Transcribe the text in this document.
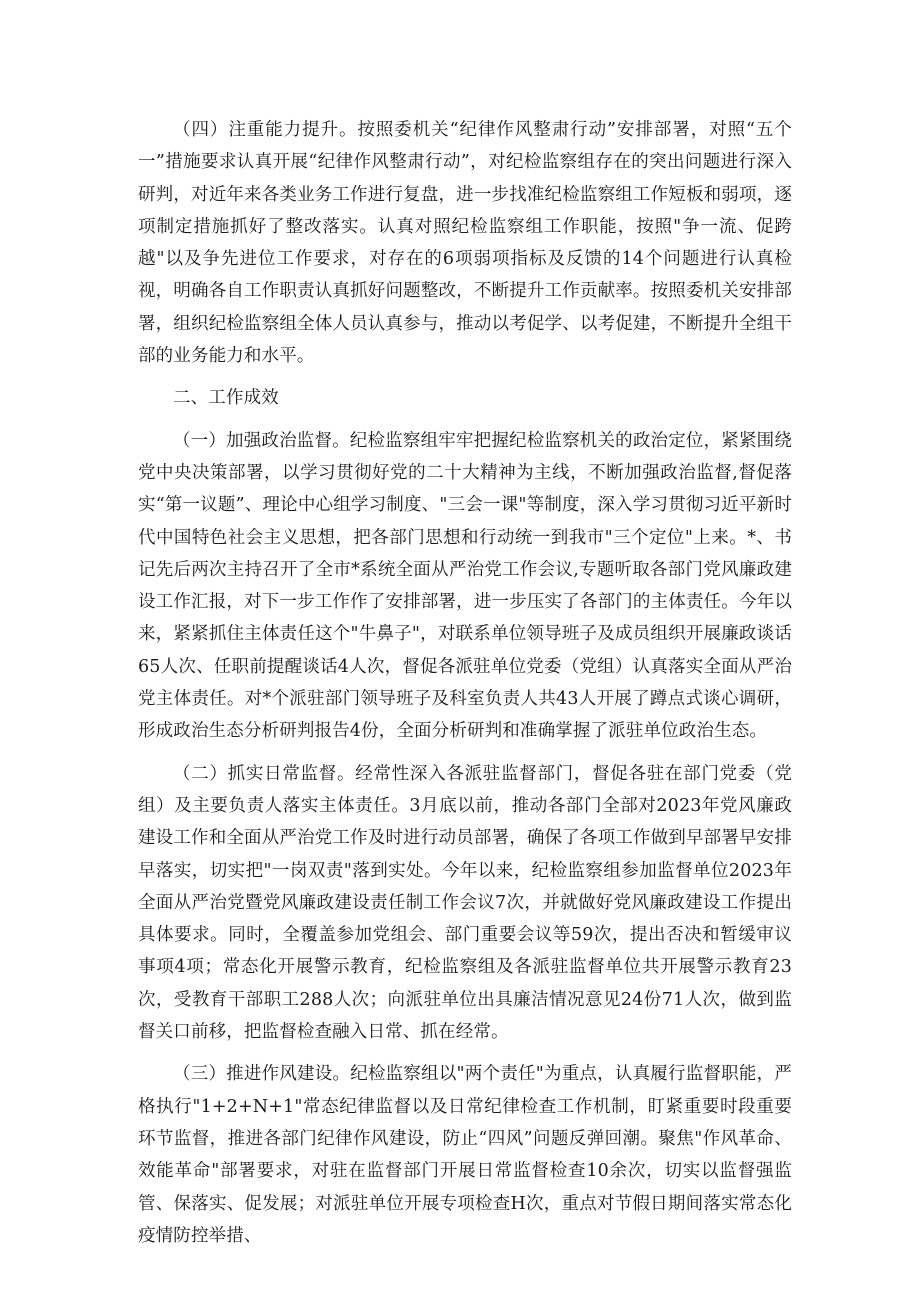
（四）注重能力提升。按照委机关“纪律作风整肃行动”安排部署，对照“五个一”措施要求认真开展“纪律作风整肃行动”，对纪检监察组存在的突出问题进行深入研判，对近年来各类业务工作进行复盘，进一步找准纪检监察组工作短板和弱项，逐项制定措施抓好了整改落实。认真对照纪检监察组工作职能，按照"争一流、促跨越"以及争先进位工作要求，对存在的6项弱项指标及反馈的14个问题进行认真检视，明确各自工作职责认真抓好问题整改，不断提升工作贡献率。按照委机关安排部署，组织纪检监察组全体人员认真参与，推动以考促学、以考促建，不断提升全组干部的业务能力和水平。

二、工作成效

（一）加强政治监督。纪检监察组牢牢把握纪检监察机关的政治定位，紧紧围绕党中央决策部署，以学习贯彻好党的二十大精神为主线，不断加强政治监督,督促落实“第一议题”、理论中心组学习制度、"三会一课"等制度，深入学习贯彻习近平新时代中国特色社会主义思想，把各部门思想和行动统一到我市"三个定位"上来。*、书记先后两次主持召开了全市*系统全面从严治党工作会议,专题听取各部门党风廉政建设工作汇报，对下一步工作作了安排部署，进一步压实了各部门的主体责任。今年以来，紧紧抓住主体责任这个"牛鼻子"，对联系单位领导班子及成员组织开展廉政谈话65人次、任职前提醒谈话4人次，督促各派驻单位党委（党组）认真落实全面从严治党主体责任。对*个派驻部门领导班子及科室负责人共43人开展了蹲点式谈心调研，形成政治生态分析研判报告4份，全面分析研判和准确掌握了派驻单位政治生态。

（二）抓实日常监督。经常性深入各派驻监督部门，督促各驻在部门党委（党组）及主要负责人落实主体责任。3月底以前，推动各部门全部对2023年党风廉政建设工作和全面从严治党工作及时进行动员部署，确保了各项工作做到早部署早安排早落实，切实把"一岗双责"落到实处。今年以来，纪检监察组参加监督单位2023年全面从严治党暨党风廉政建设责任制工作会议7次，并就做好党风廉政建设工作提出具体要求。同时，全覆盖参加党组会、部门重要会议等59次，提出否决和暂缓审议事项4项；常态化开展警示教育，纪检监察组及各派驻监督单位共开展警示教育23次，受教育干部职工288人次；向派驻单位出具廉洁情况意见24份71人次，做到监督关口前移，把监督检查融入日常、抓在经常。

（三）推进作风建设。纪检监察组以"两个责任"为重点，认真履行监督职能，严格执行"1+2+N+1"常态纪律监督以及日常纪律检查工作机制，盯紧重要时段重要环节监督，推进各部门纪律作风建设，防止“四风”问题反弹回潮。聚焦"作风革命、效能革命"部署要求，对驻在监督部门开展日常监督检查10余次，切实以监督强监管、保落实、促发展；对派驻单位开展专项检查H次，重点对节假日期间落实常态化疫情防控举措、
